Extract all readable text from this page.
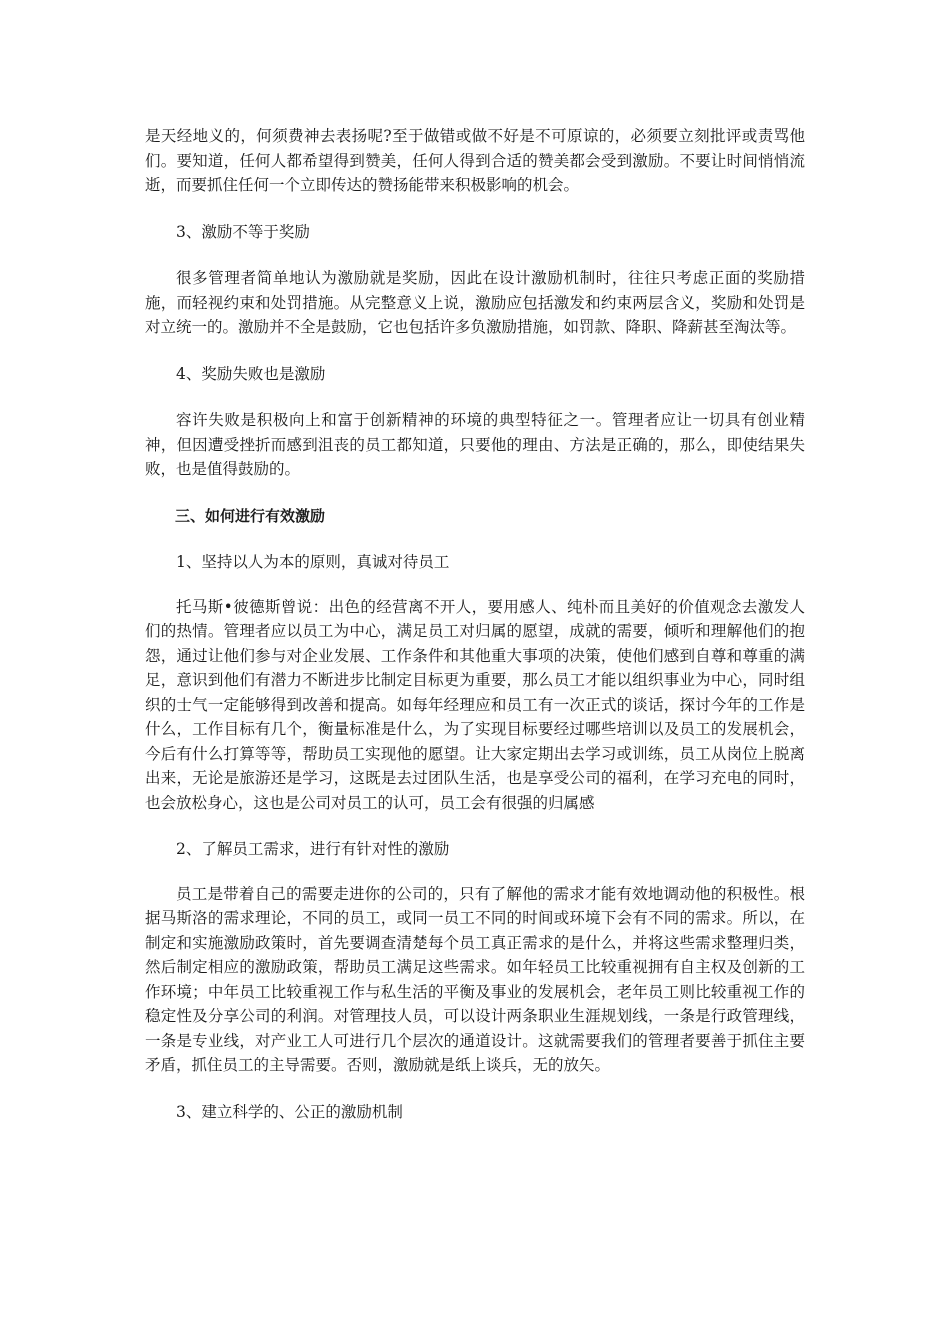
是天经地义的，何须费神去表扬呢?至于做错或做不好是不可原谅的，必须要立刻批评或责骂他们。要知道，任何人都希望得到赞美，任何人得到合适的赞美都会受到激励。不要让时间悄悄流逝，而要抓住任何一个立即传达的赞扬能带来积极影响的机会。

3、激励不等于奖励

很多管理者简单地认为激励就是奖励，因此在设计激励机制时，往往只考虑正面的奖励措施，而轻视约束和处罚措施。从完整意义上说，激励应包括激发和约束两层含义，奖励和处罚是对立统一的。激励并不全是鼓励，它也包括许多负激励措施，如罚款、降职、降薪甚至淘汰等。

4、奖励失败也是激励

容许失败是积极向上和富于创新精神的环境的典型特征之一。管理者应让一切具有创业精神，但因遭受挫折而感到沮丧的员工都知道，只要他的理由、方法是正确的，那么，即使结果失败，也是值得鼓励的。

三、如何进行有效激励

1、坚持以人为本的原则，真诚对待员工

托马斯•彼德斯曾说：出色的经营离不开人，要用感人、纯朴而且美好的价值观念去激发人们的热情。管理者应以员工为中心，满足员工对归属的愿望，成就的需要，倾听和理解他们的抱怨，通过让他们参与对企业发展、工作条件和其他重大事项的决策，使他们感到自尊和尊重的满足，意识到他们有潜力不断进步比制定目标更为重要，那么员工才能以组织事业为中心，同时组织的士气一定能够得到改善和提高。如每年经理应和员工有一次正式的谈话，探讨今年的工作是什么，工作目标有几个，衡量标准是什么，为了实现目标要经过哪些培训以及员工的发展机会，今后有什么打算等等，帮助员工实现他的愿望。让大家定期出去学习或训练，员工从岗位上脱离出来，无论是旅游还是学习，这既是去过团队生活，也是享受公司的福利，在学习充电的同时，也会放松身心，这也是公司对员工的认可，员工会有很强的归属感

2、了解员工需求，进行有针对性的激励

员工是带着自己的需要走进你的公司的，只有了解他的需求才能有效地调动他的积极性。根据马斯洛的需求理论，不同的员工，或同一员工不同的时间或环境下会有不同的需求。所以，在制定和实施激励政策时，首先要调查清楚每个员工真正需求的是什么，并将这些需求整理归类，然后制定相应的激励政策，帮助员工满足这些需求。如年轻员工比较重视拥有自主权及创新的工作环境；中年员工比较重视工作与私生活的平衡及事业的发展机会，老年员工则比较重视工作的稳定性及分享公司的利润。对管理技人员，可以设计两条职业生涯规划线，一条是行政管理线，一条是专业线，对产业工人可进行几个层次的通道设计。这就需要我们的管理者要善于抓住主要矛盾，抓住员工的主导需要。否则，激励就是纸上谈兵，无的放矢。

3、建立科学的、公正的激励机制
